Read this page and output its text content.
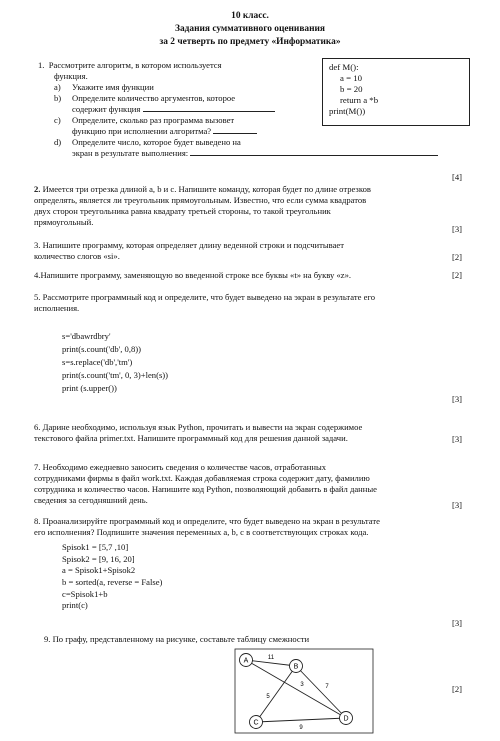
10 класс.
Задания суммативного оценивания
за 2 четверть по предмету «Информатика»
1. Рассмотрите алгоритм, в котором используется
функция.
a) Укажите имя функции
b) Определите количество аргументов, которое
содержит функция
c) Определите, сколько раз программа вызовет
функцию при исполнении алгоритма?
d) Определите число, которое будет выведено на
экран в результате выполнения:
[4]
def M():
a = 10
b = 20
return a *b
print(M())
2. Имеется три отрезка длиной a, b и c. Напишите команду, которая будет по длине отрезков
определять, является ли треугольник прямоугольным. Известно, что если сумма квадратов
двух сторон треугольника равна квадрату третьей стороны, то такой треугольник
прямоугольный.
[3]
3. Напишите программу, которая определяет длину веденной строки и подсчитывает
количество слогов «si».	[2]
4.Напишите программу, заменяющую во введенной строке все буквы «t» на букву «z».	[2]
5. Рассмотрите программный код и определите, что будет выведено на экран в результате его
исполнения.
s='dbawrdbry'
print(s.count('db', 0,8))
s=s.replace('db','tm')
print(s.count('tm', 0, 3)+len(s))
print (s.upper())
[3]
6. Дарине необходимо, используя язык Python, прочитать и вывести на экран содержимое
текстового файла primer.txt. Напишите программный код для решения данной задачи.	[3]
7. Необходимо ежедневно заносить сведения о количестве часов, отработанных
сотрудниками фирмы в файл work.txt. Каждая добавляемая строка содержит дату, фамилию
сотрудника и количество часов. Напишите код Python, позволяющий добавить в файл данные
сведения за сегодняшний день.	[3]
8. Проанализируйте программный код и определите, что будет выведено на экран в результате
его исполнения? Подпишите значения переменных a, b, c в соответствующих строках кода.
Spisok1 = [5,7 ,10]
Spisok2 = [9, 16, 20]
a = Spisok1+Spisok2
b = sorted(a, reverse = False)
c=Spisok1+b
print(c)
[3]
9. По графу, представленному на рисунке, составьте таблицу смежности
[2]
11
5
3	7
9
A
B
C
D
